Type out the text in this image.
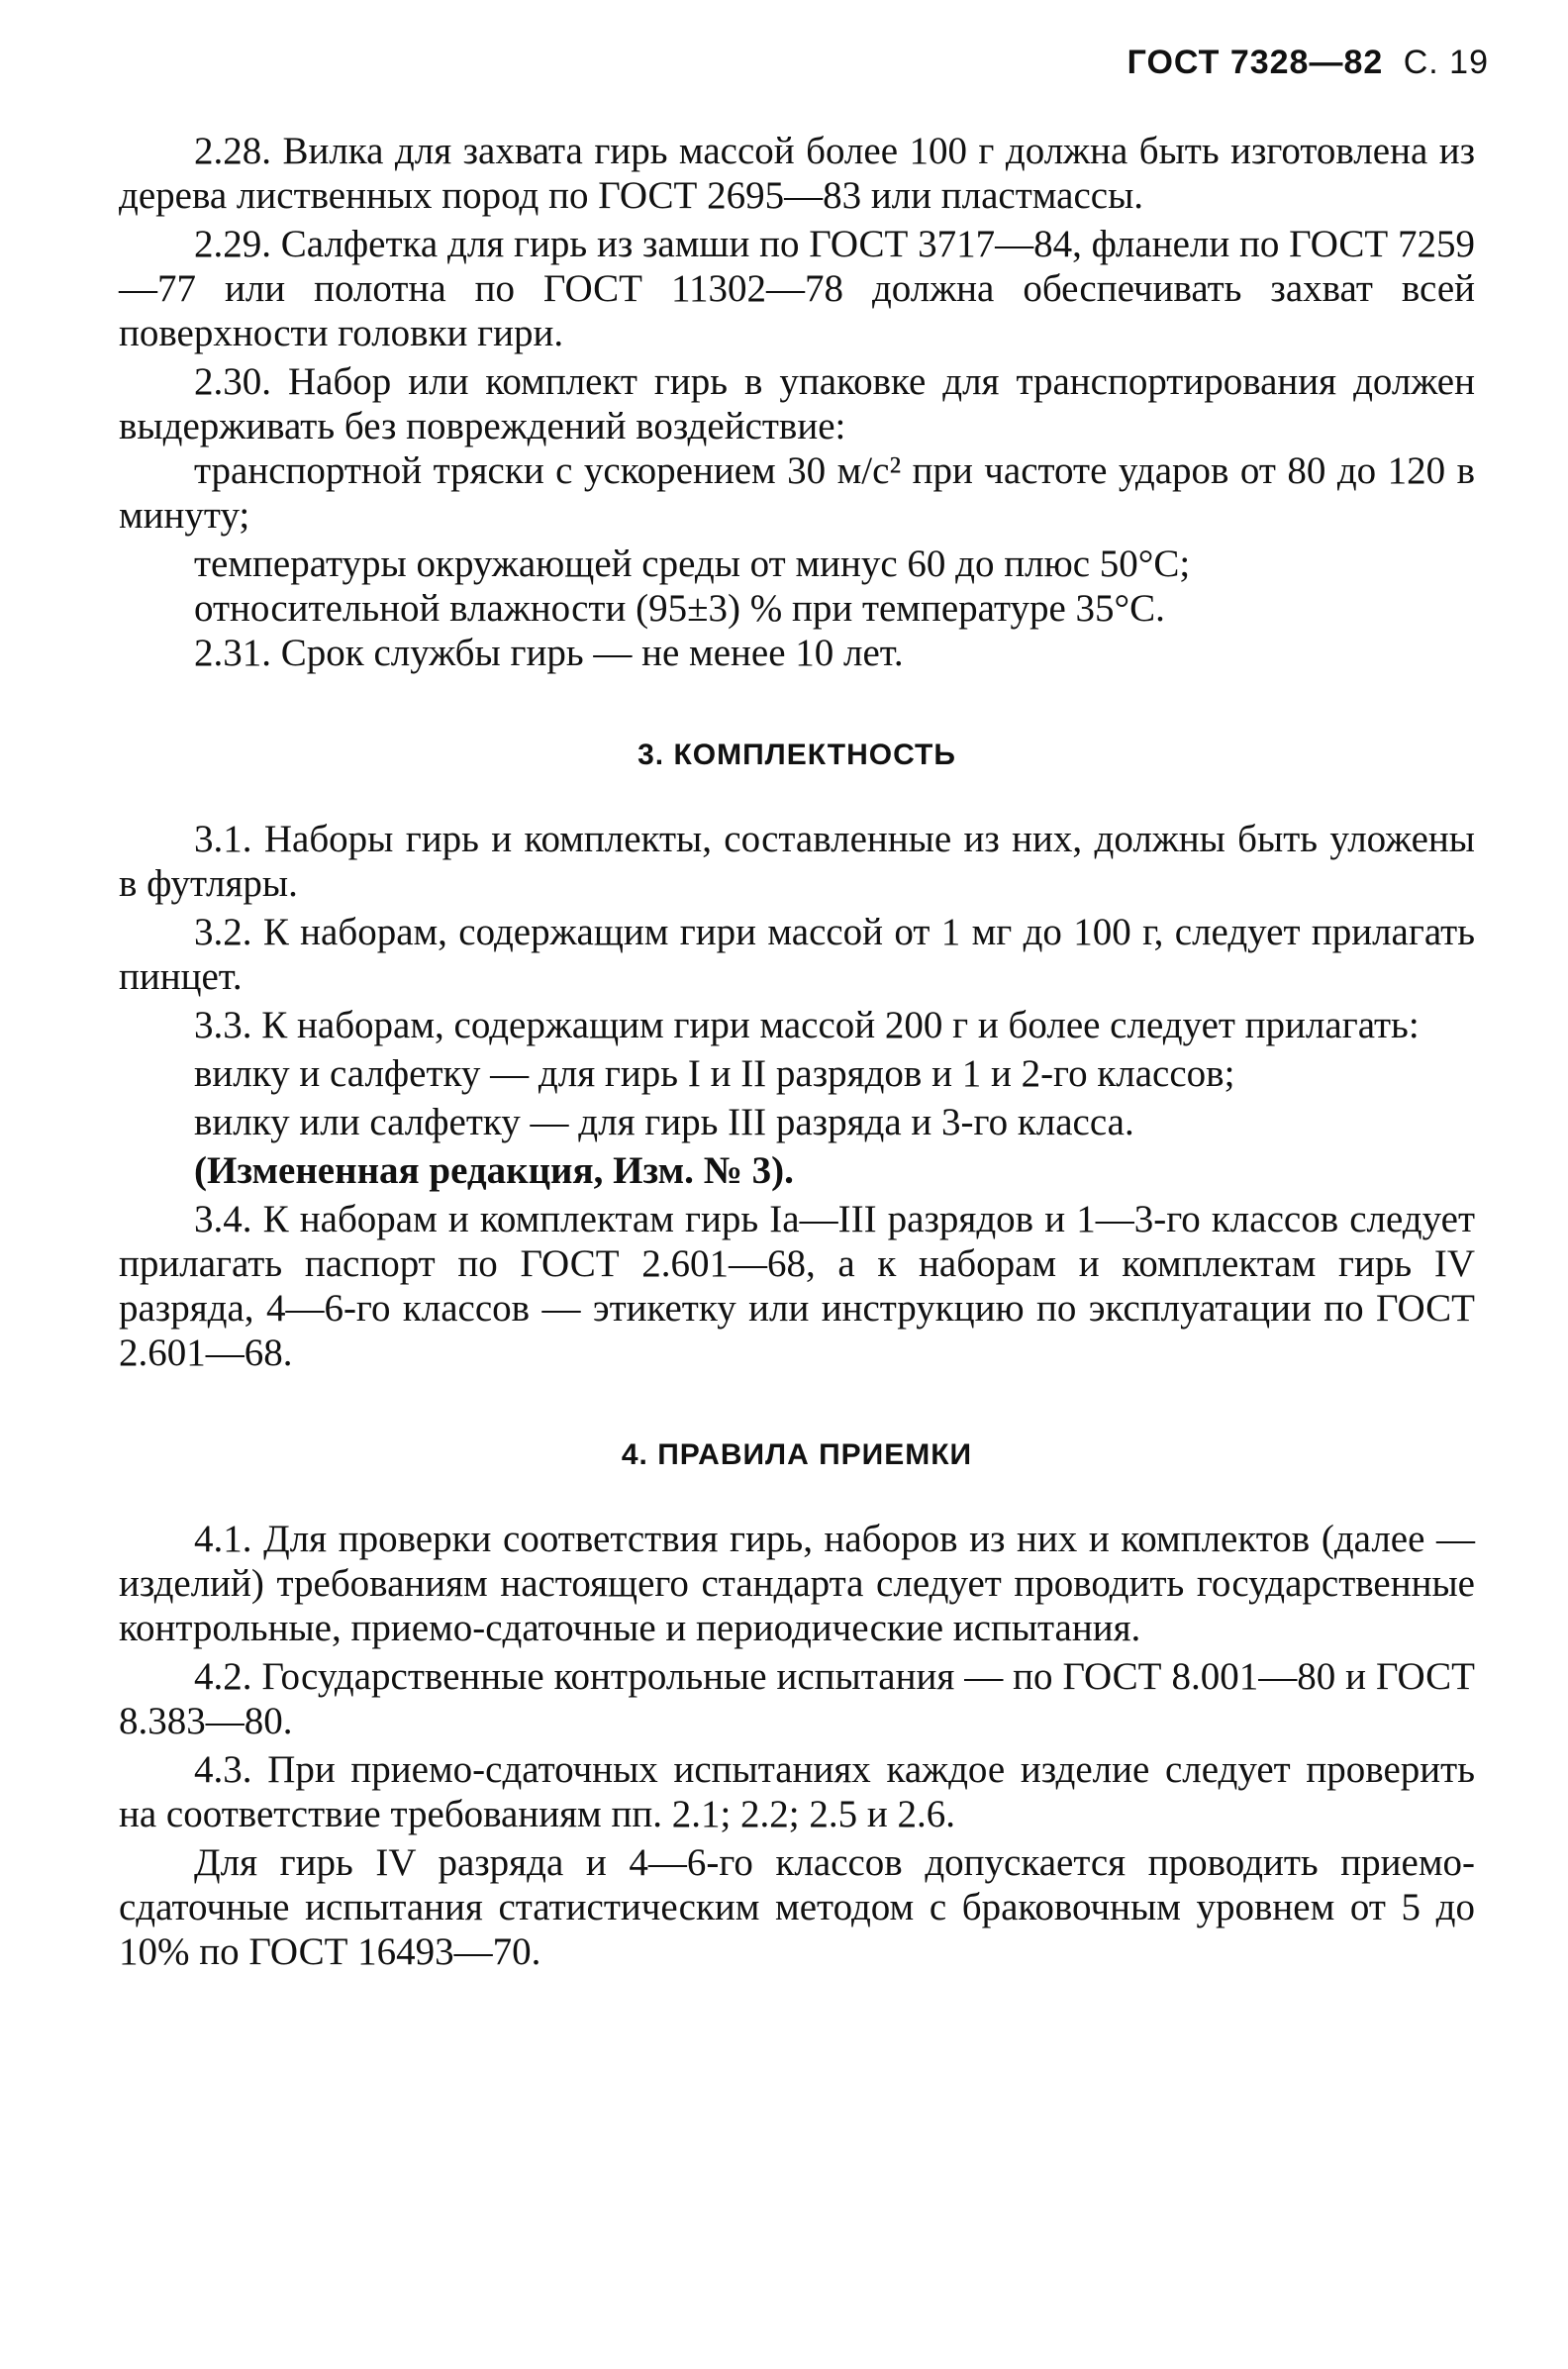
ГОСТ 7328—82 С. 19

2.28. Вилка для захвата гирь массой более 100 г должна быть изготовлена из дерева лиственных пород по ГОСТ 2695—83 или пластмассы.

2.29. Салфетка для гирь из замши по ГОСТ 3717—84, фланели по ГОСТ 7259—77 или полотна по ГОСТ 11302—78 должна обеспечивать захват всей поверхности головки гири.

2.30. Набор или комплект гирь в упаковке для транспортирования должен выдерживать без повреждений воздействие:

транспортной тряски с ускорением 30 м/с² при частоте ударов от 80 до 120 в минуту;

температуры окружающей среды от минус 60 до плюс 50°С;

относительной влажности (95±3) % при температуре 35°С.

2.31. Срок службы гирь — не менее 10 лет.

3. КОМПЛЕКТНОСТЬ

3.1. Наборы гирь и комплекты, составленные из них, должны быть уложены в футляры.

3.2. К наборам, содержащим гири массой от 1 мг до 100 г, следует прилагать пинцет.

3.3. К наборам, содержащим гири массой 200 г и более следует прилагать:

вилку и салфетку — для гирь I и II разрядов и 1 и 2-го классов;

вилку или салфетку — для гирь III разряда и 3-го класса.

(Измененная редакция, Изм. № 3).

3.4. К наборам и комплектам гирь Iа—III разрядов и 1—3-го классов следует прилагать паспорт по ГОСТ 2.601—68, а к наборам и комплектам гирь IV разряда, 4—6-го классов — этикетку или инструкцию по эксплуатации по ГОСТ 2.601—68.

4. ПРАВИЛА ПРИЕМКИ

4.1. Для проверки соответствия гирь, наборов из них и комплектов (далее — изделий) требованиям настоящего стандарта следует проводить государственные контрольные, приемо-сдаточные и периодические испытания.

4.2. Государственные контрольные испытания — по ГОСТ 8.001—80 и ГОСТ 8.383—80.

4.3. При приемо-сдаточных испытаниях каждое изделие следует проверить на соответствие требованиям пп. 2.1; 2.2; 2.5 и 2.6.

Для гирь IV разряда и 4—6-го классов допускается проводить приемо-сдаточные испытания статистическим методом с браковочным уровнем от 5 до 10% по ГОСТ 16493—70.
